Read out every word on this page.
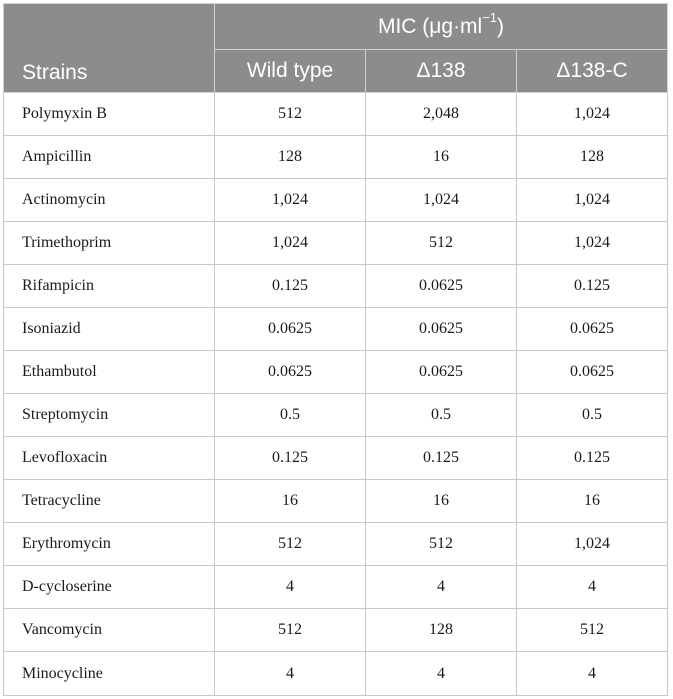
Strains	MIC $(\mu g\cdot ml^{-1})$		
	Wild type	Δ138	Δ138-C
Polymyxin B	512	2,048	1,024
Ampicillin	128	16	128
Actinomycin	1,024	1,024	1,024
Trimethoprim	1,024	512	1,024
Rifampicin	0.125	0.0625	0.125
Isoniazid	0.0625	0.0625	0.0625
Ethambutol	0.0625	0.0625	0.0625
Streptomycin	0.5	0.5	0.5
Levofloxacin	0.125	0.125	0.125
Tetracycline	16	16	16
Erythromycin	512	512	1,024
D-cycloserine	4	4	4
Vancomycin	512	128	512
Minocycline	4	4	4
